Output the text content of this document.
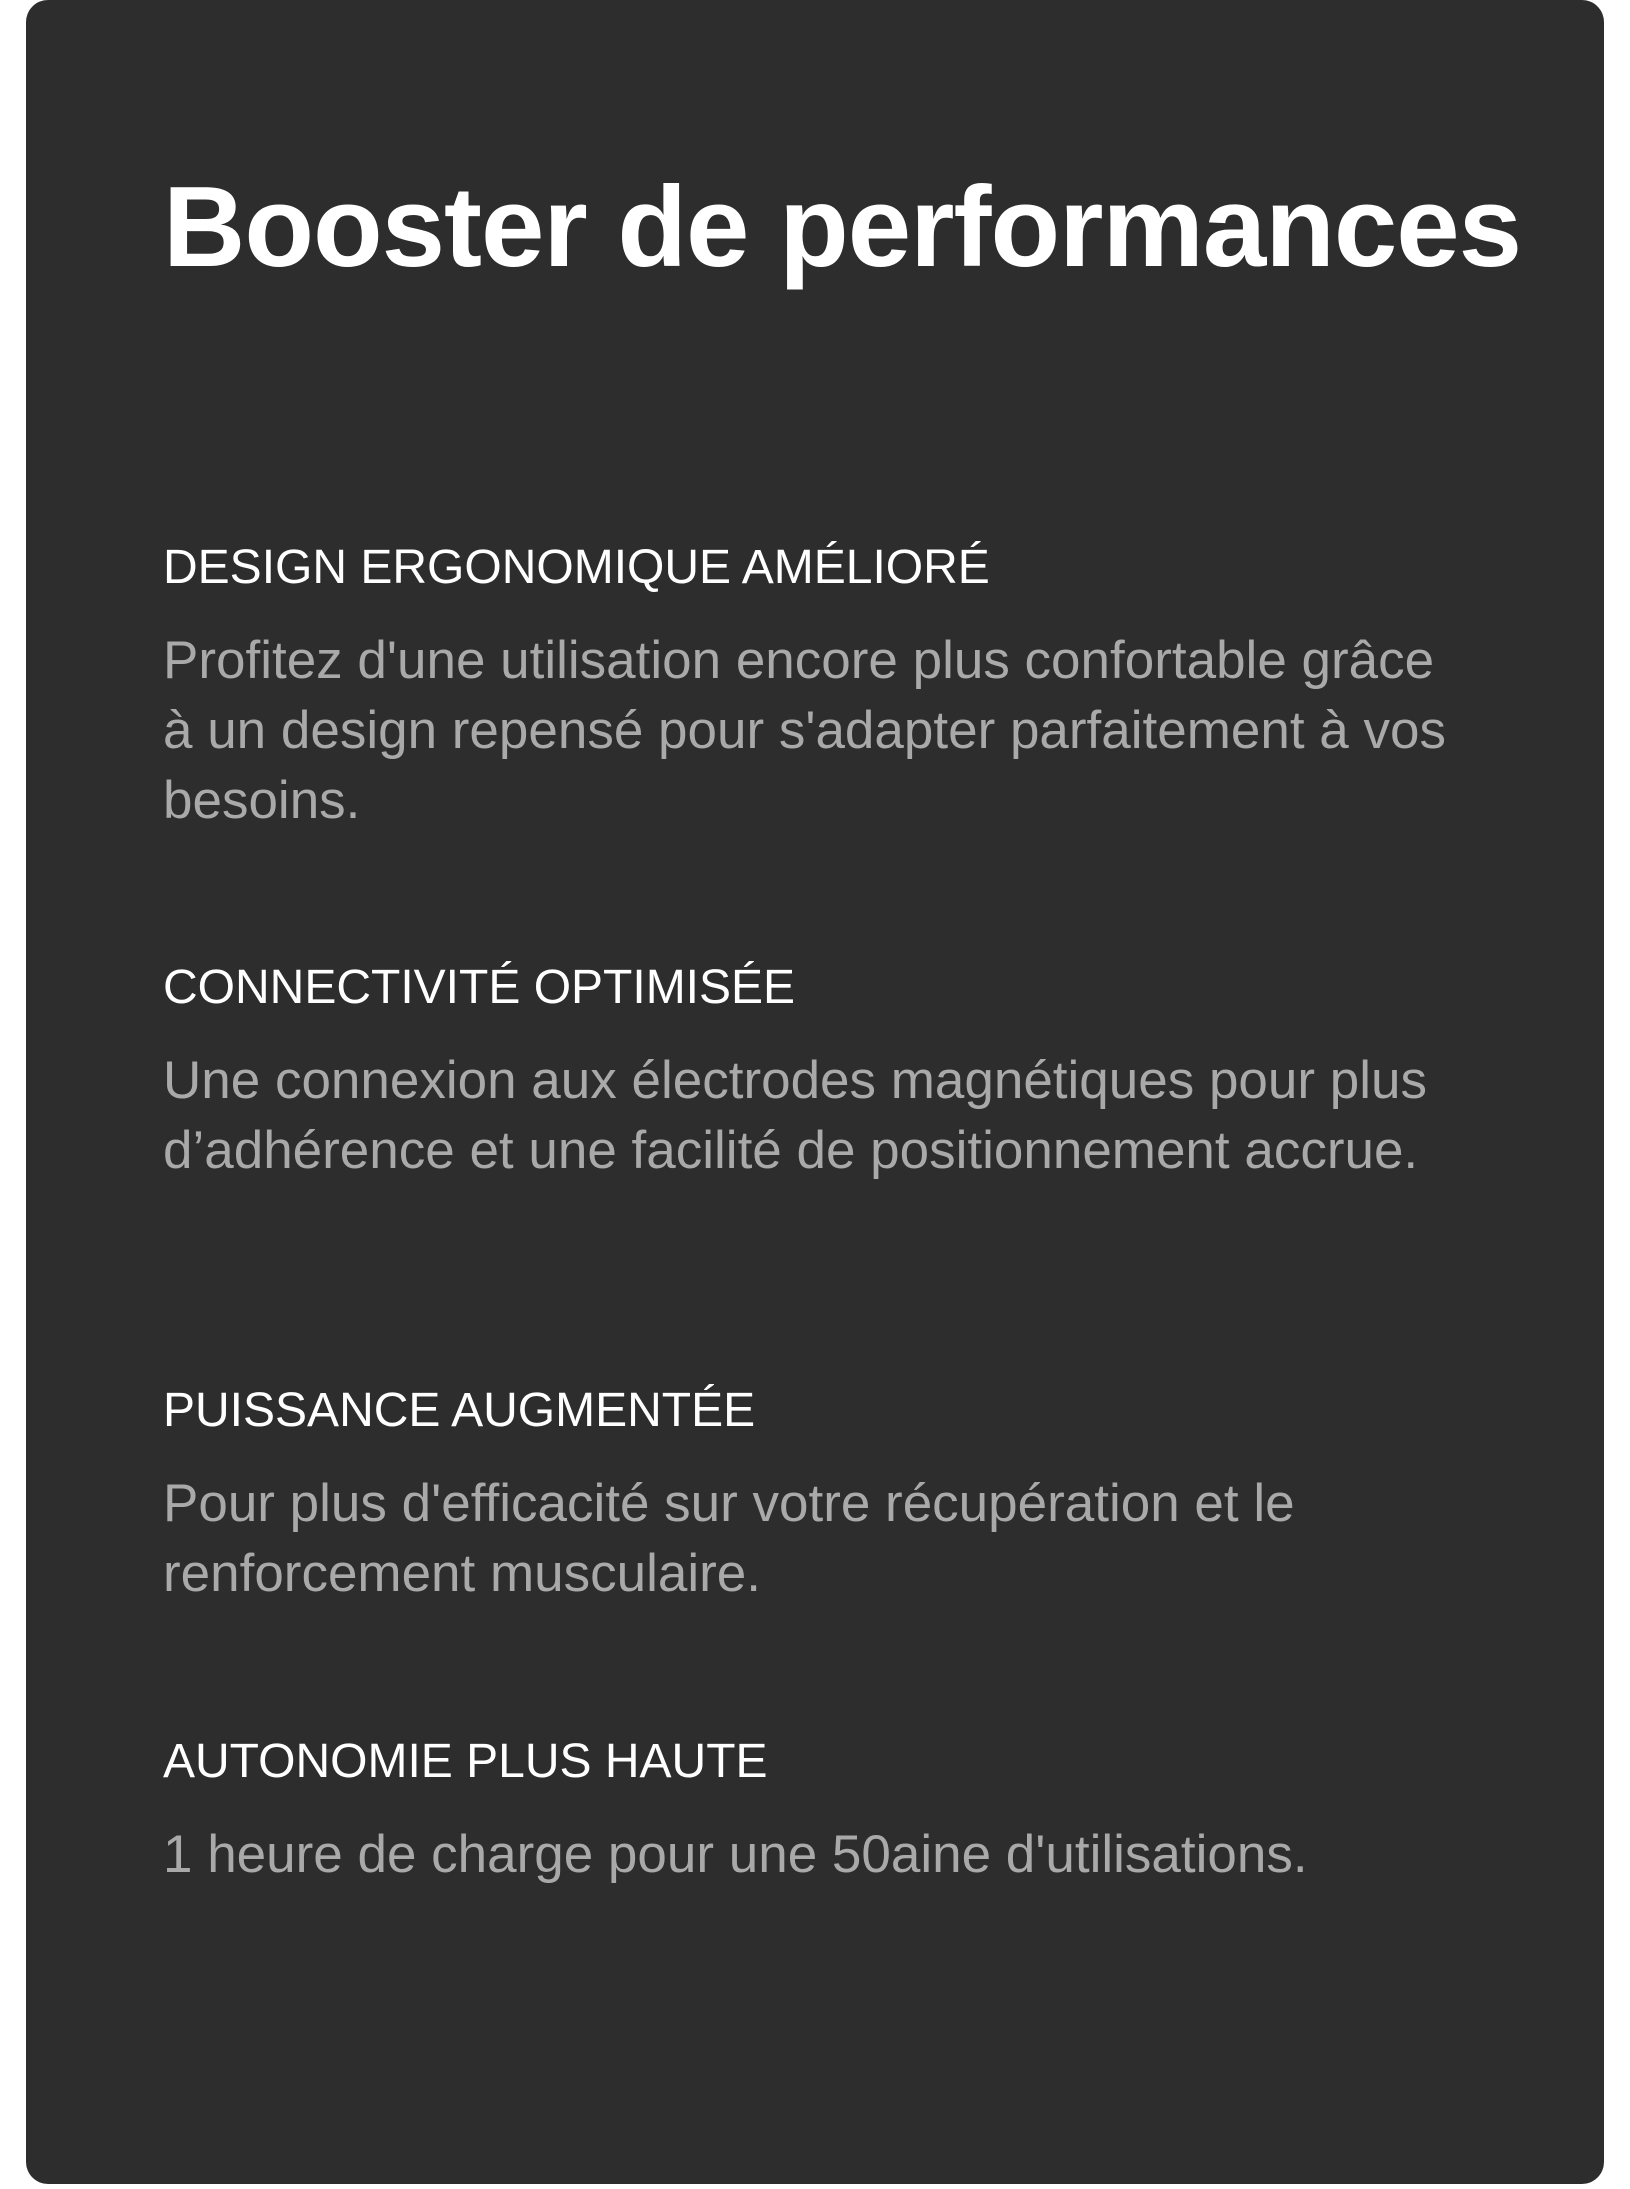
Booster de performances
DESIGN ERGONOMIQUE AMÉLIORÉ

Profitez d'une utilisation encore plus confortable grâce à un design repensé pour s'adapter parfaitement à vos besoins.

CONNECTIVITÉ OPTIMISÉE

Une connexion aux électrodes magnétiques pour plus d’adhérence et une facilité de positionnement accrue.

PUISSANCE AUGMENTÉE

Pour plus d'efficacité sur votre récupération et le renforcement musculaire.

AUTONOMIE PLUS HAUTE

1 heure de charge pour une 50aine d'utilisations.
